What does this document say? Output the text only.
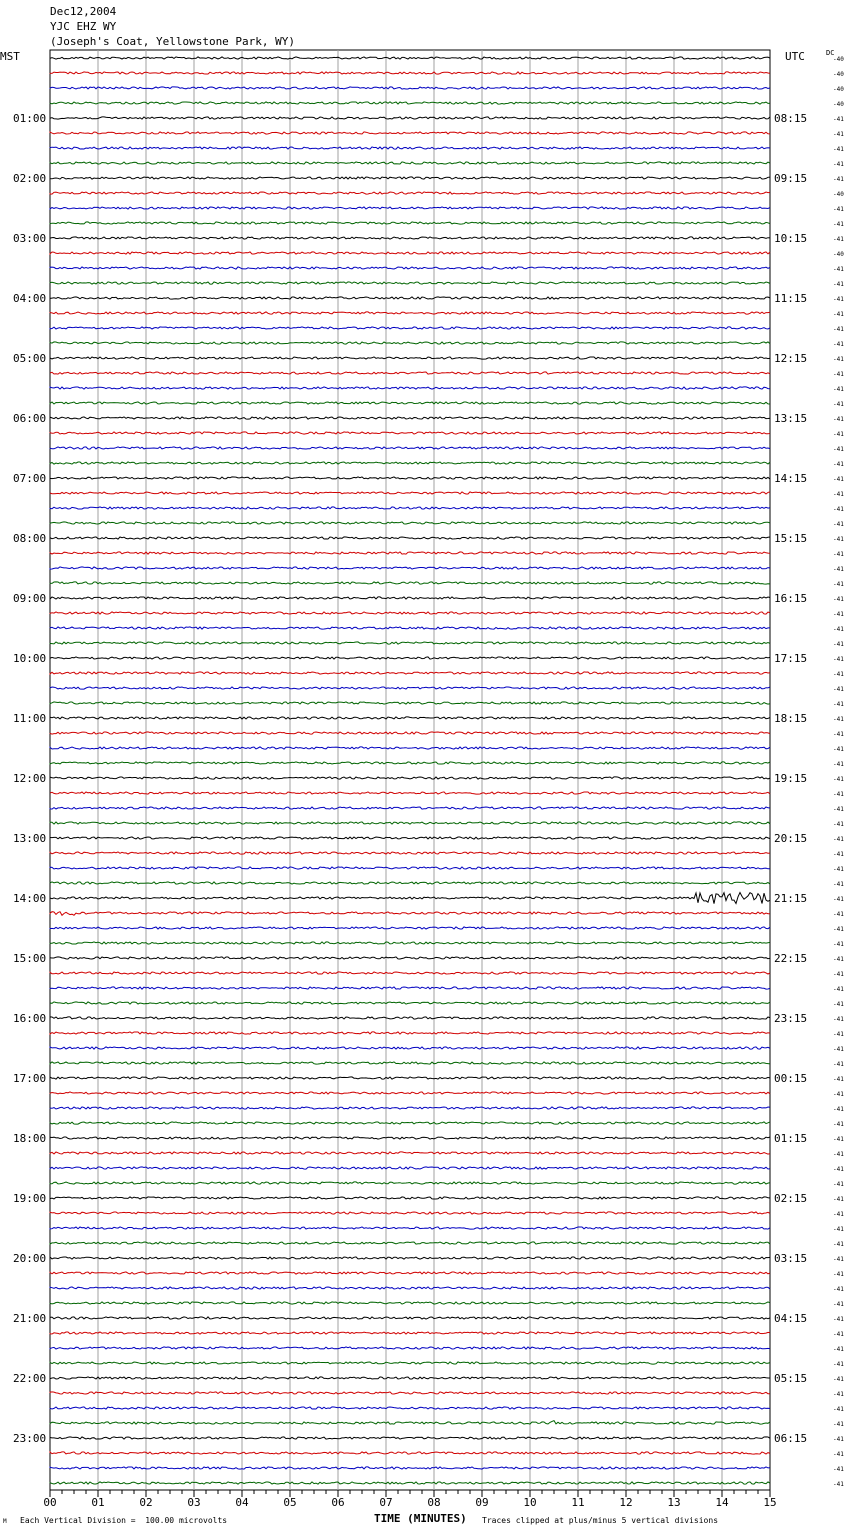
Dec12,2004
YJC EHZ WY
(Joseph's Coat, Yellowstone Park, WY)
MST	UTC	DC
-40
-40
-40
-40
-41
-41
-41
-41
-41
-40
-41
-41
-41
-40
-41
-41
-41
-41
-41
-41
-41
-41
-41
-41
-41
-41
-41
-41
-41
-41
-41
-41
-41
-41
-41
-41
-41
-41
-41
-41
-41
-41
-41
-41
-41
-41
-41
-41
-41
-41
-41
-41
-41
-41
-41
-41
-41
-41
-41
-41
-41
-41
-41
-41
-41
-41
-41
-41
-41
-41
-41
-41
-41
-41
-41
-41
-41
-41
-41
-41
-41
-41
-41
-41
-41
-41
-41
-41
-41
-41
-41
-41
-41
-41
-41
-41
01:00	08:15
02:00	09:15
03:00	10:15
04:00	11:15
05:00	12:15
06:00	13:15
07:00	14:15
08:00	15:15
09:00	16:15
10:00	17:15
11:00	18:15
12:00	19:15
13:00	20:15
14:00	21:15
15:00	22:15
16:00	23:15
17:00	00:15
18:00	01:15
19:00	02:15
20:00	03:15
21:00	04:15
22:00	05:15
23:00	06:15
00	01	02	03	04	05	06	07	08	09	10	11	12	13	14	15
M Each Vertical Division =  100.00 microvolts	TIME (MINUTES) Traces clipped at plus/minus 5 vertical divisions
